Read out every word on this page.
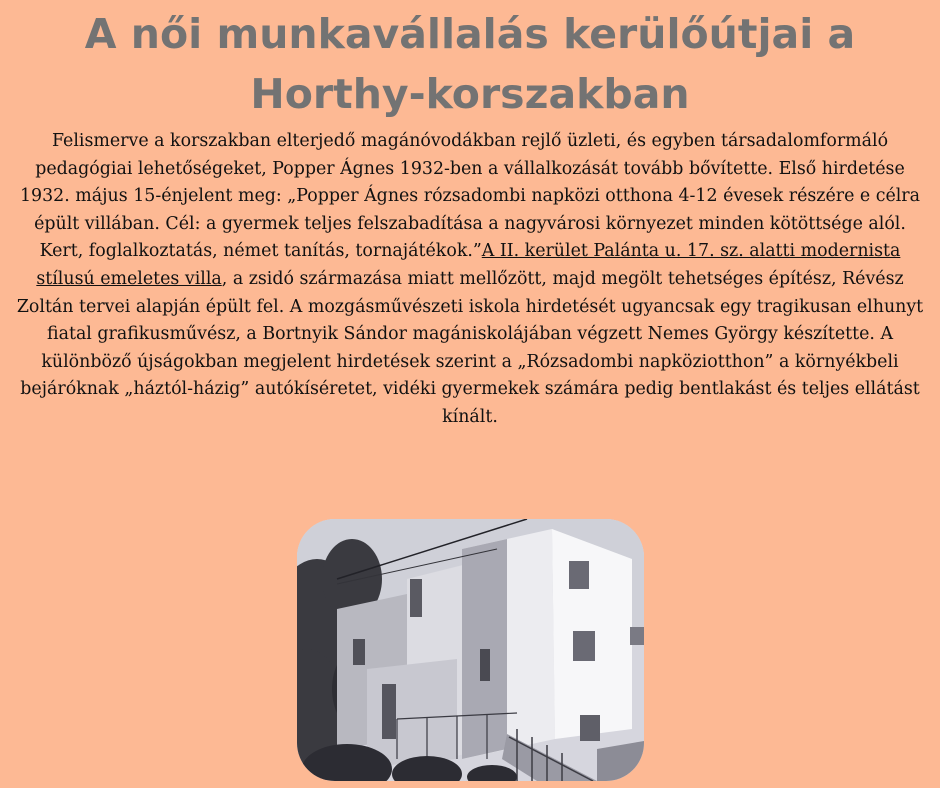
A női munkavállalás kerülőútjai a
Horthy-korszakban

Felismerve a korszakban elterjedő magánóvodákban rejlő üzleti, és egyben társadalomformáló pedagógiai lehetőségeket, Popper Ágnes 1932-ben a vállalkozását tovább bővítette. Első hirdetése 1932. május 15-énjelent meg: „Popper Ágnes rózsadombi napközi otthona 4-12 évesek részére e célra épült villában. Cél: a gyermek teljes felszabadítása a nagyvárosi környezet minden kötöttsége alól. Kert, foglalkoztatás, német tanítás, tornajátékok.”A II. kerület Palánta u. 17. sz. alatti modernista stílusú emeletes villa, a zsidó származása miatt mellőzött, majd megölt tehetséges építész, Révész Zoltán tervei alapján épült fel. A mozgásművészeti iskola hirdetését ugyancsak egy tragikusan elhunyt fiatal grafikusművész, a Bortnyik Sándor magániskolájában végzett Nemes György készítette. A különböző újságokban megjelent hirdetések szerint a „Rózsadombi napköziotthon” a környékbeli bejáróknak „háztól-házig” autókíséretet, vidéki gyermekek számára pedig bentlakást és teljes ellátást kínált.
